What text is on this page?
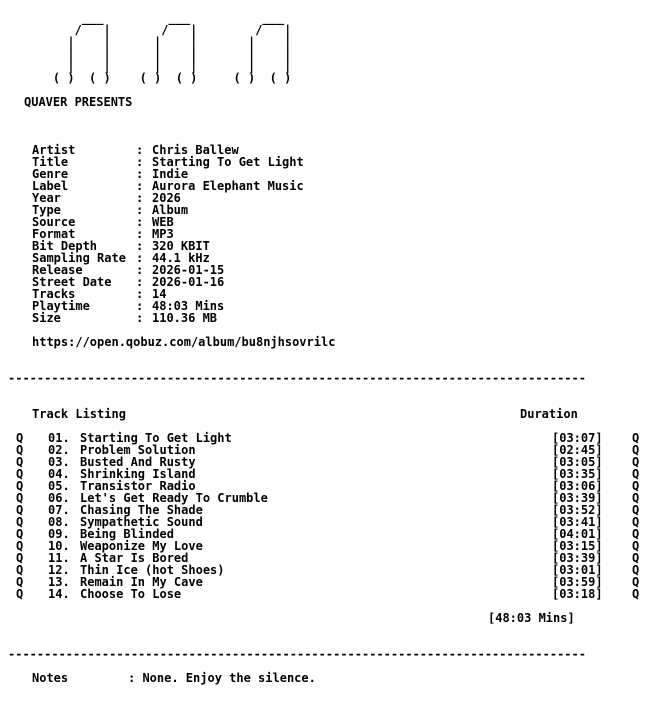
___         ___          ___
/   |       /   |        /   |
|    |      |    |       |    |
|    |      |    |       |    |
|    |      |    |       |    |
( )  ( )    ( )  ( )     ( )  ( )
QUAVER PRESENTS
Artist : Chris Ballew
Title : Starting To Get Light
Genre : Indie
Label : Aurora Elephant Music
Year : 2026
Type : Album
Source : WEB
Format : MP3
Bit Depth : 320 KBIT
Sampling Rate : 44.1 kHz
Release : 2026-01-15
Street Date : 2026-01-16
Tracks : 14
Playtime : 48:03 Mins
Size : 110.36 MB
https://open.qobuz.com/album/bu8njhsovrilc
--------------------------------------------------------------------------------
Track Listing	Duration
Q 01. Starting To Get Light	[03:07] Q
Q 02. Problem Solution	[02:45] Q
Q 03. Busted And Rusty	[03:05] Q
Q 04. Shrinking Island	[03:35] Q
Q 05. Transistor Radio	[03:06] Q
Q 06. Let's Get Ready To Crumble	[03:39] Q
Q 07. Chasing The Shade	[03:52] Q
Q 08. Sympathetic Sound	[03:41] Q
Q 09. Being Blinded	[04:01] Q
Q 10. Weaponize My Love	[03:15] Q
Q 11. A Star Is Bored	[03:39] Q
Q 12. Thin Ice (hot Shoes)	[03:01] Q
Q 13. Remain In My Cave	[03:59] Q
Q 14. Choose To Lose	[03:18] Q
[48:03 Mins]
--------------------------------------------------------------------------------
Notes	: None. Enjoy the silence.
